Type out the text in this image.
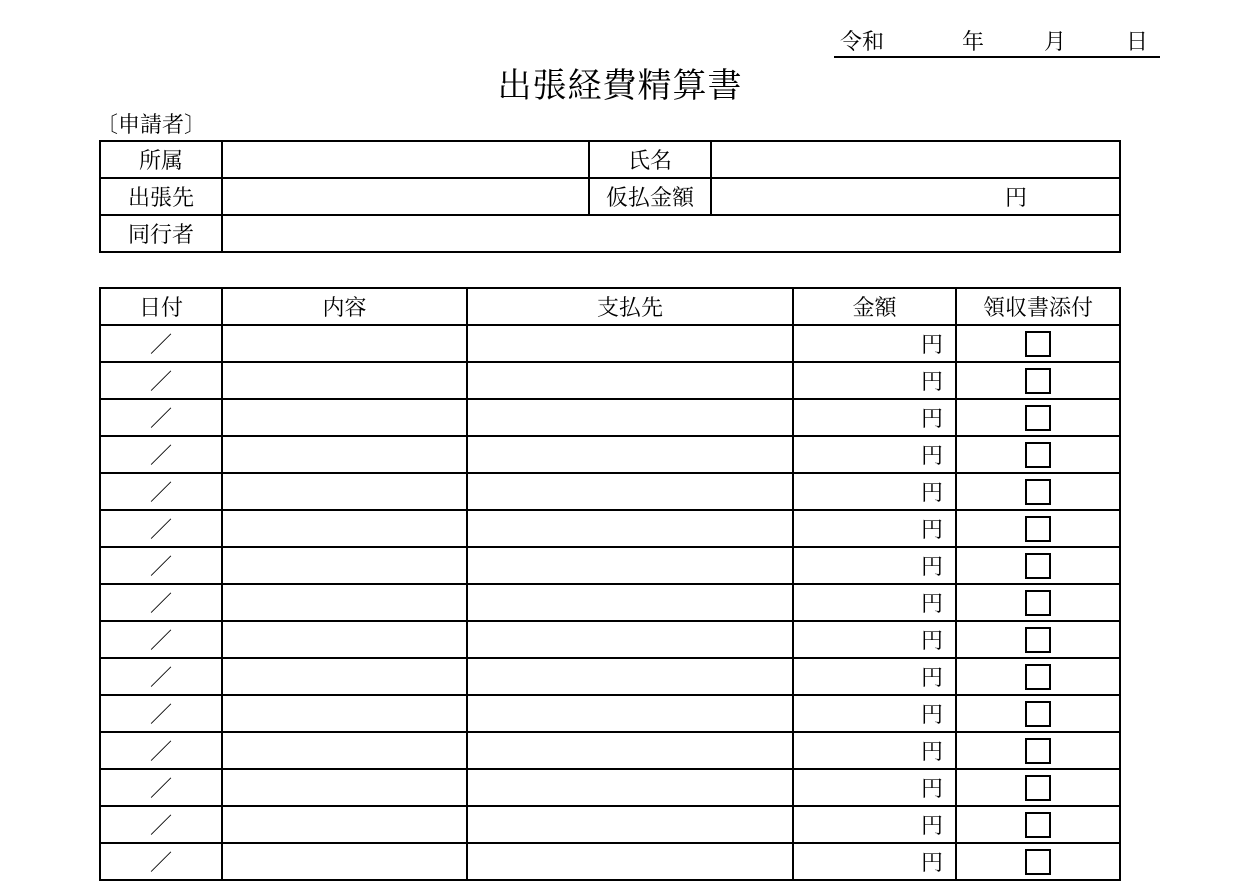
令和	年	月	日
出張経費精算書
〔申請者〕
所属		氏名	
出張先		仮払金額	円
同行者			
日付	内容	支払先	金額	領収書添付
／			円	
／			円	
／			円	
／			円	
／			円	
／			円	
／			円	
／			円	
／			円	
／			円	
／			円	
／			円	
／			円	
／			円	
／			円	
